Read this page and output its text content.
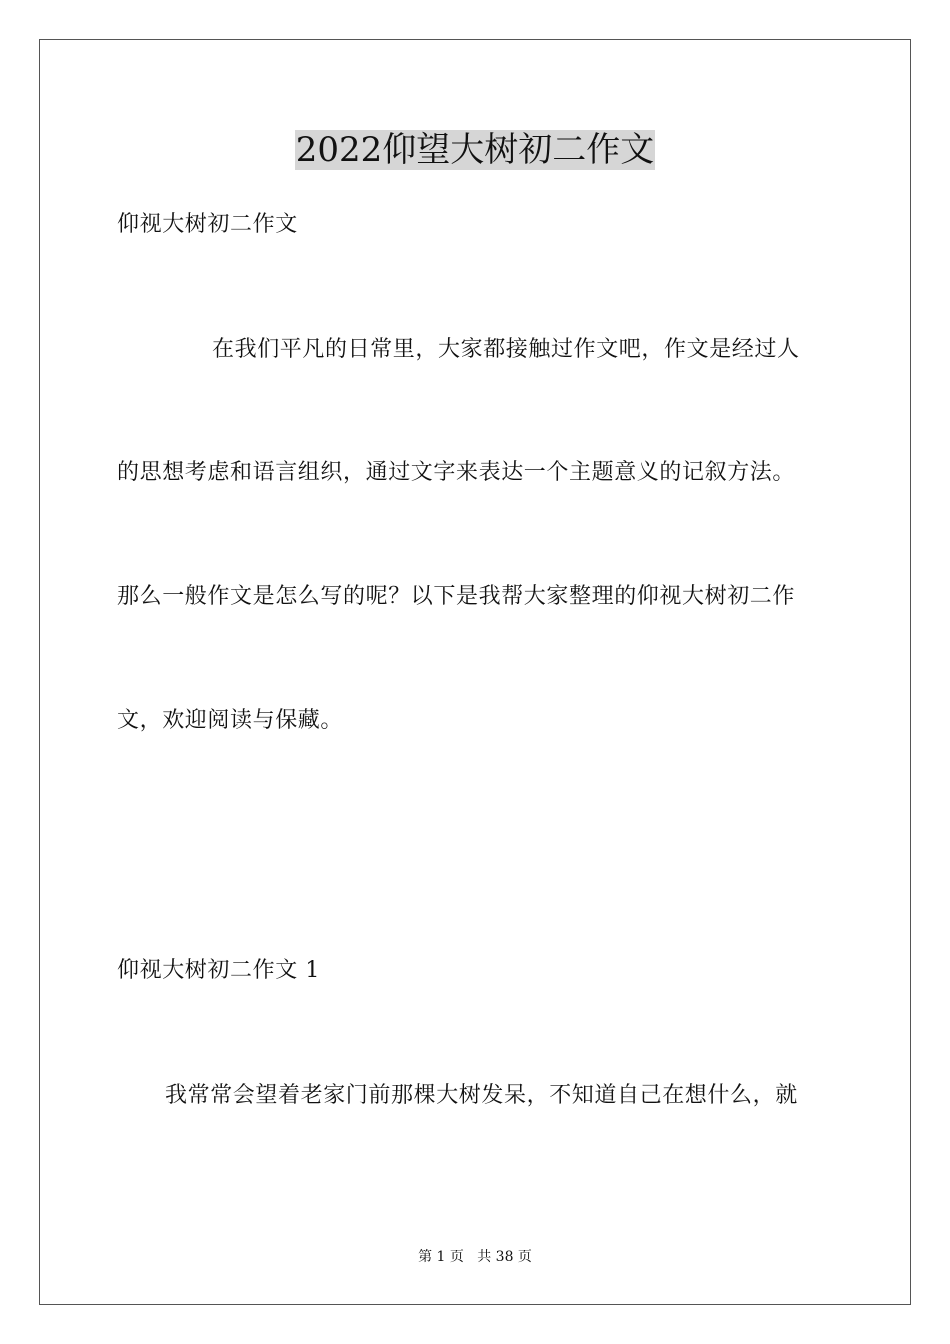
2022仰望大树初二作文
仰视大树初二作文
在我们平凡的日常里，大家都接触过作文吧，作文是经过人
的思想考虑和语言组织，通过文字来表达一个主题意义的记叙方法。
那么一般作文是怎么写的呢？以下是我帮大家整理的仰视大树初二作
文，欢迎阅读与保藏。
仰视大树初二作文 1
我常常会望着老家门前那棵大树发呆，不知道自己在想什么，就
第 1 页   共 38 页
